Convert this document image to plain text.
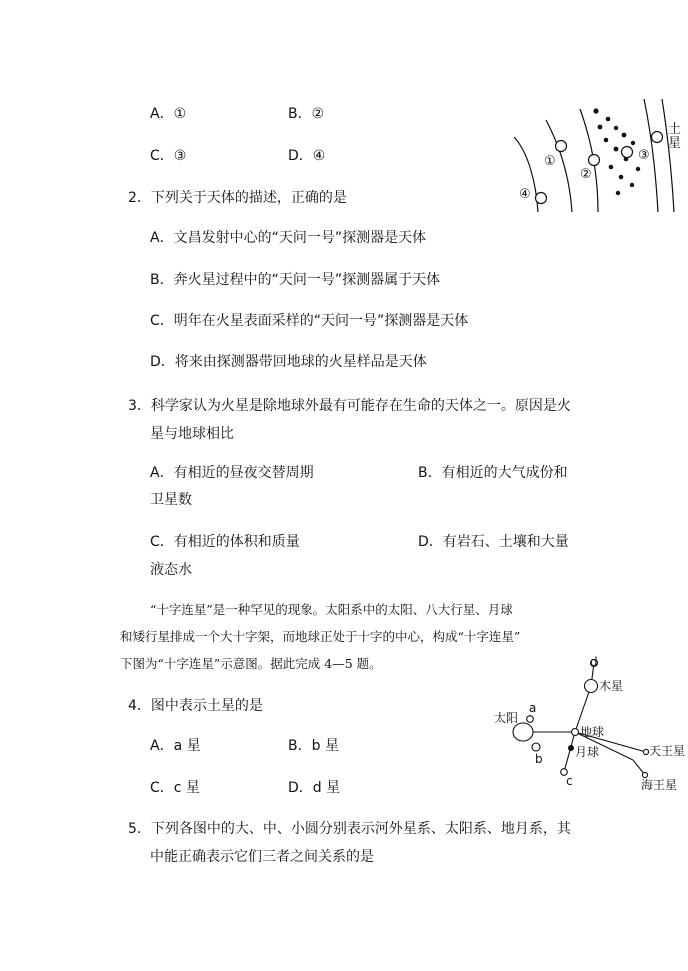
A．①	B．②
C．③	D．④	①
②
③
④
土
星
2．下列关于天体的描述，正确的是
A．文昌发射中心的“天问一号”探测器是天体
B．奔火星过程中的“天问一号”探测器属于天体
C．明年在火星表面采样的“天问一号”探测器是天体
D．将来由探测器带回地球的火星样品是天体
3．科学家认为火星是除地球外最有可能存在生命的天体之一。原因是火
星与地球相比
A．有相近的昼夜交替周期	B．有相近的大气成份和
卫星数
C．有相近的体积和质量	D．有岩石、土壤和大量
液态水
“十字连星”是一种罕见的现象。太阳系中的太阳、八大行星、月球
和矮行星排成一个大十字架，而地球正处于十字的中心，构成“十字连星”
下图为“十字连星”示意图。据此完成 4—5 题。
4．图中表示土星的是
A．a 星	B．b 星
C．c 星	D．d 星
太阳
a
b
地球
月球
木星
d
c
天王星
海王星
5．下列各图中的大、中、小圆分别表示河外星系、太阳系、地月系，其
中能正确表示它们三者之间关系的是
